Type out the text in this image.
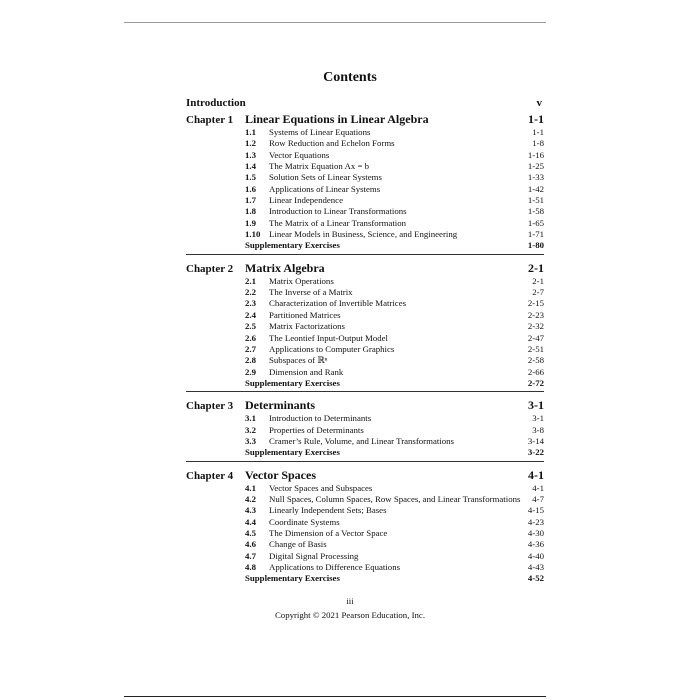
Contents
Introduction	v
Chapter 1 Linear Equations in Linear Algebra	1-1
1.1	Systems of Linear Equations	1-1
1.2	Row Reduction and Echelon Forms	1-8
1.3	Vector Equations	1-16
1.4	The Matrix Equation Ax = b	1-25
1.5	Solution Sets of Linear Systems	1-33
1.6	Applications of Linear Systems	1-42
1.7	Linear Independence	1-51
1.8	Introduction to Linear Transformations	1-58
1.9	The Matrix of a Linear Transformation	1-65
1.10 Linear Models in Business, Science, and Engineering	1-71
Supplementary Exercises	1-80
Chapter 2 Matrix Algebra	2-1
2.1	Matrix Operations	2-1
2.2	The Inverse of a Matrix	2-7
2.3	Characterization of Invertible Matrices	2-15
2.4	Partitioned Matrices	2-23
2.5	Matrix Factorizations	2-32
2.6	The Leontief Input-Output Model	2-47
2.7	Applications to Computer Graphics	2-51
2.8	Subspaces of ℝⁿ	2-58
2.9	Dimension and Rank	2-66
Supplementary Exercises	2-72
Chapter 3 Determinants	3-1
3.1	Introduction to Determinants	3-1
3.2	Properties of Determinants	3-8
3.3	Cramer’s Rule, Volume, and Linear Transformations	3-14
Supplementary Exercises	3-22
Chapter 4 Vector Spaces	4-1
4.1	Vector Spaces and Subspaces	4-1
4.2	Null Spaces, Column Spaces, Row Spaces, and Linear Transformations	4-7
4.3	Linearly Independent Sets; Bases	4-15
4.4	Coordinate Systems	4-23
4.5	The Dimension of a Vector Space	4-30
4.6	Change of Basis	4-36
4.7	Digital Signal Processing	4-40
4.8	Applications to Difference Equations	4-43
Supplementary Exercises	4-52
iii
Copyright © 2021 Pearson Education, Inc.
